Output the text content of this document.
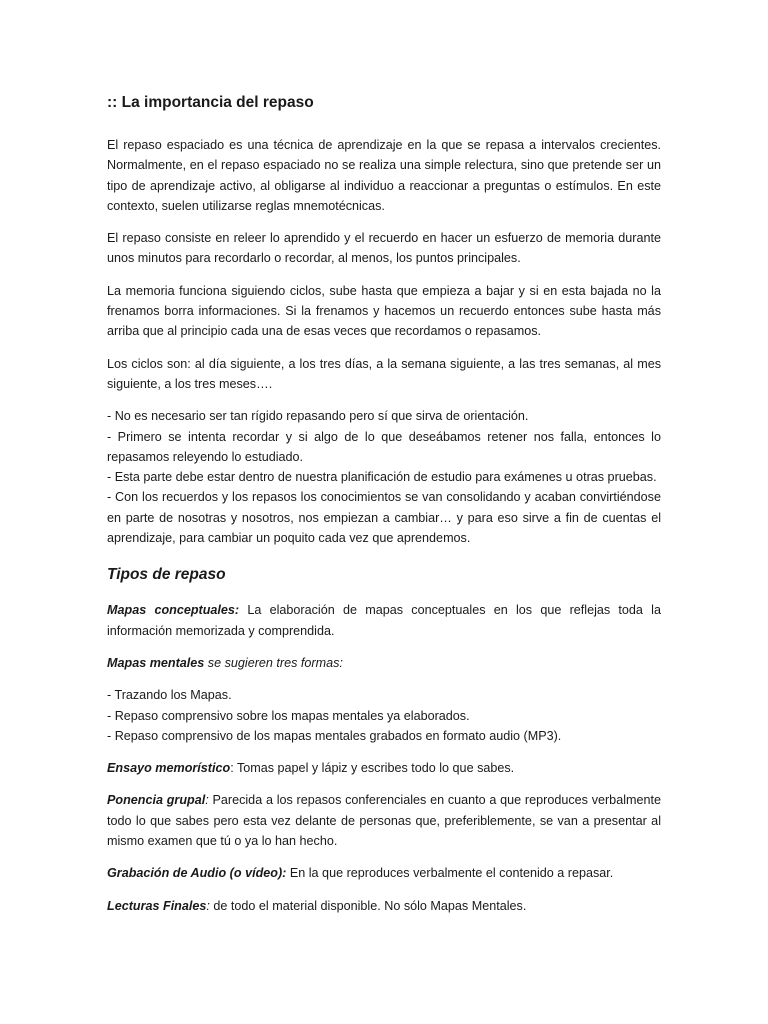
:: La importancia del repaso

El repaso espaciado es una técnica de aprendizaje en la que se repasa a intervalos crecientes. Normalmente, en el repaso espaciado no se realiza una simple relectura, sino que pretende ser un tipo de aprendizaje activo, al obligarse al individuo a reaccionar a preguntas o estímulos. En este contexto, suelen utilizarse reglas mnemotécnicas.

El repaso consiste en releer lo aprendido y el recuerdo en hacer un esfuerzo de memoria durante unos minutos para recordarlo o recordar, al menos, los puntos principales.

La memoria funciona siguiendo ciclos, sube hasta que empieza a bajar y si en esta bajada no la frenamos borra informaciones. Si la frenamos y hacemos un recuerdo entonces sube hasta más arriba que al principio cada una de esas veces que recordamos o repasamos.

Los ciclos son: al día siguiente, a los tres días, a la semana siguiente, a las tres semanas, al mes siguiente, a los tres meses….

- No es necesario ser tan rígido repasando pero sí que sirva de orientación.
- Primero se intenta recordar y si algo de lo que deseábamos retener nos falla, entonces lo repasamos releyendo lo estudiado.
- Esta parte debe estar dentro de nuestra planificación de estudio para exámenes u otras pruebas.
- Con los recuerdos y los repasos los conocimientos se van consolidando y acaban convirtiéndose en parte de nosotras y nosotros, nos empiezan a cambiar… y para eso sirve a fin de cuentas el aprendizaje, para cambiar un poquito cada vez que aprendemos.
Tipos de repaso

Mapas conceptuales: La elaboración de mapas conceptuales en los que reflejas toda la información memorizada y comprendida.

Mapas mentales se sugieren tres formas:

- Trazando los Mapas.
- Repaso comprensivo sobre los mapas mentales ya elaborados.
- Repaso comprensivo de los mapas mentales grabados en formato audio (MP3).

Ensayo memorístico: Tomas papel y lápiz y escribes todo lo que sabes.

Ponencia grupal: Parecida a los repasos conferenciales en cuanto a que reproduces verbalmente todo lo que sabes pero esta vez delante de personas que, preferiblemente, se van a presentar al mismo examen que tú o ya lo han hecho.

Grabación de Audio (o vídeo): En la que reproduces verbalmente el contenido a repasar.

Lecturas Finales: de todo el material disponible. No sólo Mapas Mentales.
